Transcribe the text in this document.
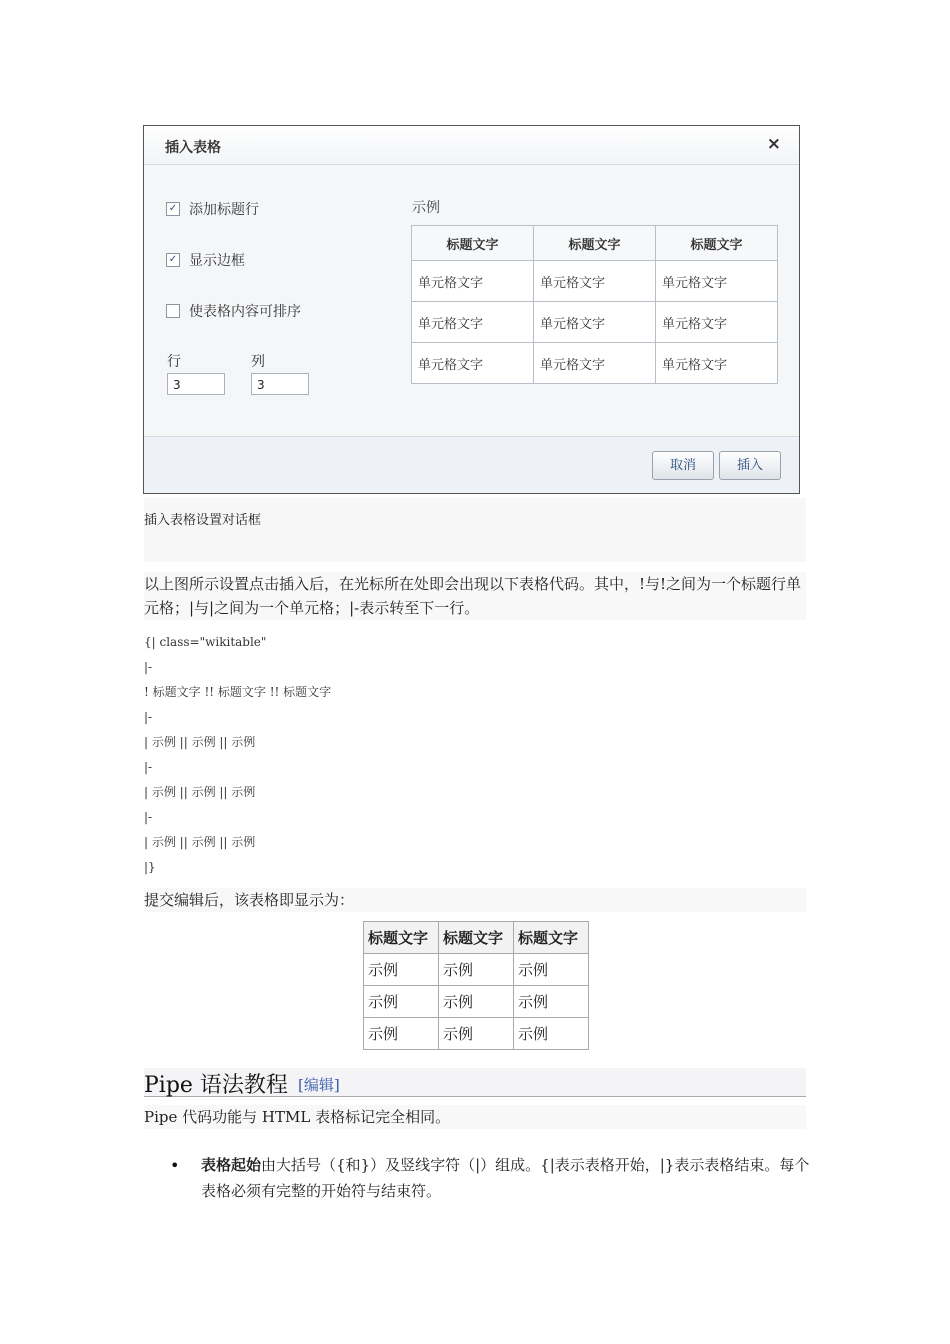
插入表格	×
✓ 添加标题行
✓ 显示边框
使表格内容可排序
行	列
3	3
示例
标题文字	标题文字	标题文字
单元格文字	单元格文字	单元格文字
单元格文字	单元格文字	单元格文字
单元格文字	单元格文字	单元格文字
取消	插入
插入表格设置对话框
以上图所示设置点击插入后，在光标所在处即会出现以下表格代码。其中，!与!之间为一个标题行单元格；|与|之间为一个单元格；|-表示转至下一行。
{| class="wikitable"
|-
! 标题文字 !! 标题文字 !! 标题文字
|-
| 示例 || 示例 || 示例
|-
| 示例 || 示例 || 示例
|-
| 示例 || 示例 || 示例
|}
提交编辑后，该表格即显示为：
标题文字	标题文字	标题文字
示例	示例	示例
示例	示例	示例
示例	示例	示例
Pipe 语法教程 [编辑]
Pipe 代码功能与 HTML 表格标记完全相同。
• 表格起始由大括号（{和}）及竖线字符（|）组成。{|表示表格开始，|}表示表格结束。每个表格必须有完整的开始符与结束符。
